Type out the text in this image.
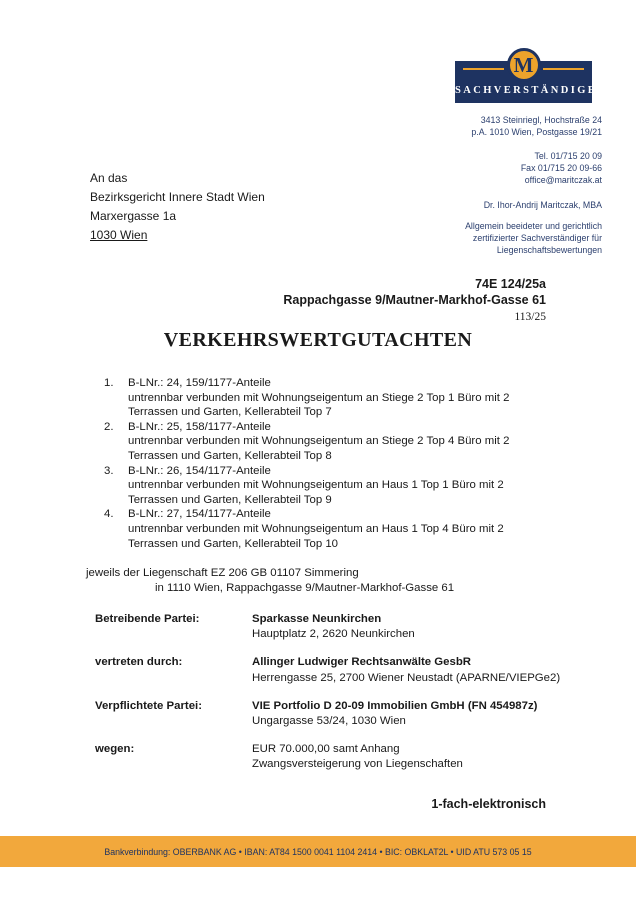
M
SACHVERSTÄNDIGER
3413 Steinriegl, Hochstraße 24
p.A. 1010 Wien, Postgasse 19/21
Tel. 01/715 20 09
Fax 01/715 20 09-66
office@maritczak.at
Dr. Ihor-Andrij Maritczak, MBA
Allgemein beeideter und gerichtlich
zertifizierter Sachverständiger für
Liegenschaftsbewertungen
An das
Bezirksgericht Innere Stadt Wien
Marxergasse 1a
1030 Wien
74E 124/25a
Rappachgasse 9/Mautner-Markhof-Gasse 61
113/25
VERKEHRSWERTGUTACHTEN
1.	B-LNr.: 24, 159/1177-Anteile
untrennbar verbunden mit Wohnungseigentum an Stiege 2 Top 1 Büro mit 2 Terrassen und Garten, Kellerabteil Top 7
2.	B-LNr.: 25, 158/1177-Anteile
untrennbar verbunden mit Wohnungseigentum an Stiege 2 Top 4 Büro mit 2 Terrassen und Garten, Kellerabteil Top 8
3.	B-LNr.: 26, 154/1177-Anteile
untrennbar verbunden mit Wohnungseigentum an Haus 1 Top 1 Büro mit 2 Terrassen und Garten, Kellerabteil Top 9
4.	B-LNr.: 27, 154/1177-Anteile
untrennbar verbunden mit Wohnungseigentum an Haus 1 Top 4 Büro mit 2 Terrassen und Garten, Kellerabteil Top 10
jeweils der Liegenschaft EZ 206 GB 01107 Simmering
in 1110 Wien, Rappachgasse 9/Mautner-Markhof-Gasse 61
Betreibende Partei:	Sparkasse Neunkirchen
Hauptplatz 2, 2620 Neunkirchen
vertreten durch:	Allinger Ludwiger Rechtsanwälte GesbR
Herrengasse 25, 2700 Wiener Neustadt (APARNE/VIEPGe2)
Verpflichtete Partei:	VIE Portfolio D 20-09 Immobilien GmbH (FN 454987z)
Ungargasse 53/24, 1030 Wien
wegen:	EUR 70.000,00 samt Anhang
Zwangsversteigerung von Liegenschaften
1-fach-elektronisch
Bankverbindung: OBERBANK AG • IBAN: AT84 1500 0041 1104 2414 • BIC: OBKLAT2L • UID ATU 573 05 15
